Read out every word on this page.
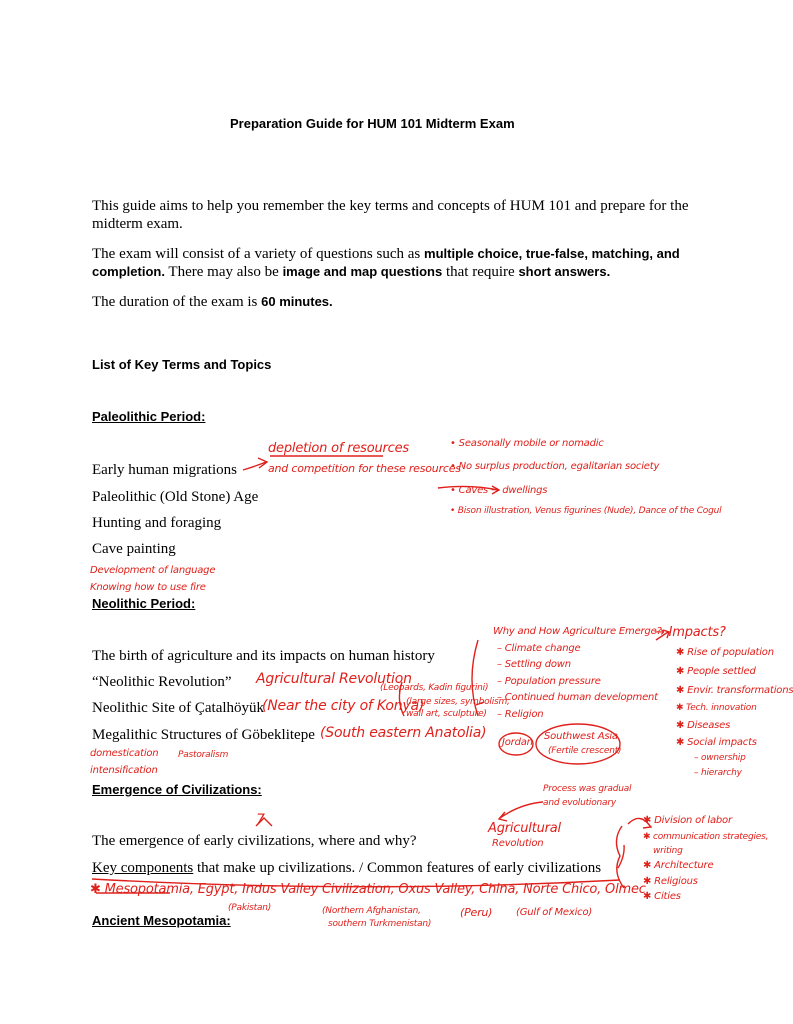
Preparation Guide for HUM 101 Midterm Exam
This guide aims to help you remember the key terms and concepts of HUM 101 and prepare for the midterm exam.
The exam will consist of a variety of questions such as multiple choice, true-false, matching, and completion. There may also be image and map questions that require short answers.
The duration of the exam is 60 minutes.
List of Key Terms and Topics
Paleolithic Period:
Early human migrations
Paleolithic (Old Stone) Age
Hunting and foraging
Cave painting
Neolithic Period:
The birth of agriculture and its impacts on human history
“Neolithic Revolution”
Neolithic Site of Çatalhöyük
Megalithic Structures of Göbeklitepe
Emergence of Civilizations:
The emergence of early civilizations, where and why?
Key components that make up civilizations. / Common features of early civilizations
Ancient Mesopotamia:
depletion of resources
and competition for these resources
• Seasonally mobile or nomadic
• No surplus production, egalitarian society
• Caves → dwellings
• Bison illustration, Venus figurines (Nude), Dance of the Cogul
Development of language
Knowing how to use fire
Why and How Agriculture Emerge?
→ Impacts?
– Climate change
– Settling down
– Population pressure
– Continued human development
– Religion
✱ Rise of population
✱ People settled
✱ Envir. transformations
✱ Tech. innovation
✱ Diseases
✱ Social impacts
– ownership
– hierarchy
Agricultural Revolution
(Leopards, Kadin figurini)
(large sizes, symbolism,
wall art, sculpture)
(Near the city of Konya)
(South eastern Anatolia)
Jordan
Southwest Asia
(Fertile crescent)
domestication Pastoralism
intensification
Process was gradual
and evolutionary
Agricultural
Revolution
7	✱ Division of labor
✱ communication strategies,
writing
✱ Architecture
✱ Religious
✱ Cities
✱ Mesopotamia, Egypt, Indus Valley Civilization, Oxus Valley, China, Norte Chico, Olmec
(Pakistan)	(Northern Afghanistan,
southern Turkmenistan)
(Peru) (Gulf of Mexico)
